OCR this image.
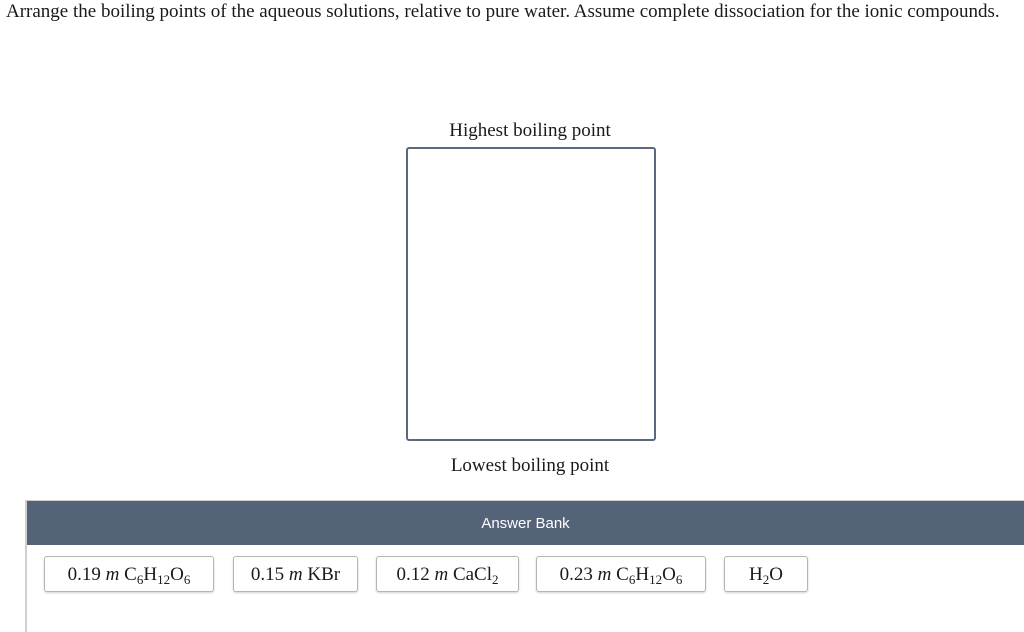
Arrange the boiling points of the aqueous solutions, relative to pure water. Assume complete dissociation for the ionic compounds.

Highest boiling point
Lowest boiling point
Answer Bank
0.19 m $C_6H_{12}O_6$	0.15 m KBr	0.12 m CaCl$_2$	0.23 m $C_6H_{12}O_6$	$H_2O$
